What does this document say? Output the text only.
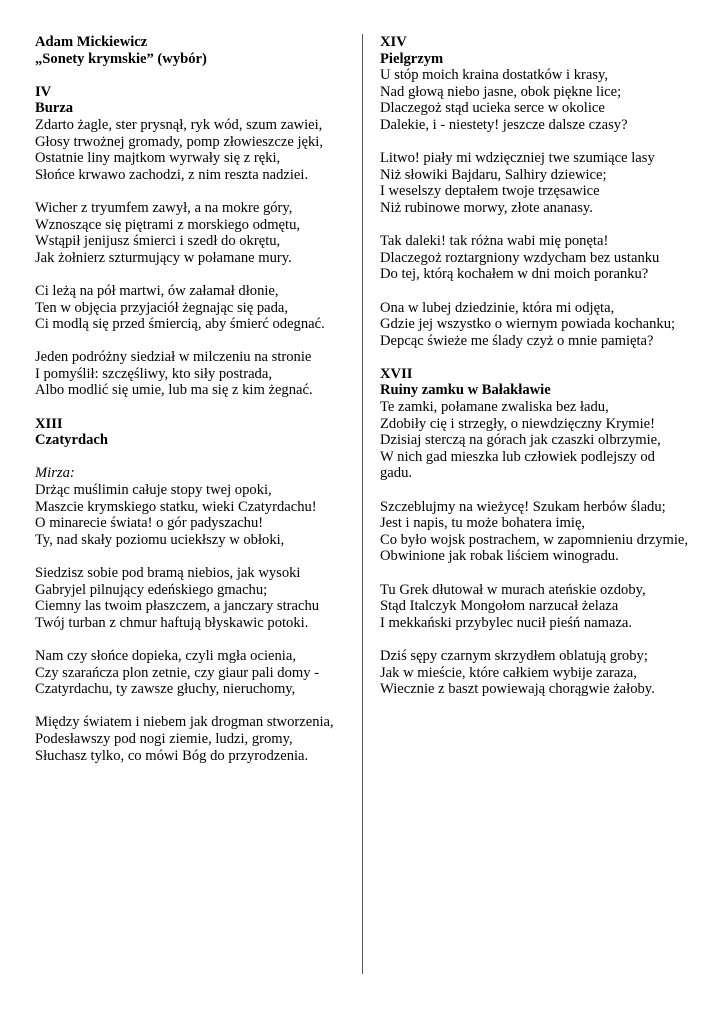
Adam Mickiewicz
„Sonety krymskie” (wybór)
IV
Burza
Zdarto żagle, ster prysnął, ryk wód, szum zawiei,
Głosy trwożnej gromady, pomp złowieszcze jęki,
Ostatnie liny majtkom wyrwały się z ręki,
Słońce krwawo zachodzi, z nim reszta nadziei.
Wicher z tryumfem zawył, a na mokre góry,
Wznoszące się piętrami z morskiego odmętu,
Wstąpił jenijusz śmierci i szedł do okrętu,
Jak żołnierz szturmujący w połamane mury.
Ci leżą na pół martwi, ów załamał dłonie,
Ten w objęcia przyjaciół żegnając się pada,
Ci modlą się przed śmiercią, aby śmierć odegnać.
Jeden podróżny siedział w milczeniu na stronie
I pomyślił: szczęśliwy, kto siły postrada,
Albo modlić się umie, lub ma się z kim żegnać.
XIII
Czatyrdach
Mirza:
Drżąc muślimin całuje stopy twej opoki,
Maszcie krymskiego statku, wieki Czatyrdachu!
O minarecie świata! o gór padyszachu!
Ty, nad skały poziomu uciekłszy w obłoki,
Siedzisz sobie pod bramą niebios, jak wysoki
Gabryjel pilnujący edeńskiego gmachu;
Ciemny las twoim płaszczem, a janczary strachu
Twój turban z chmur haftują błyskawic potoki.
Nam czy słońce dopieka, czyli mgła ocienia,
Czy szarańcza plon zetnie, czy giaur pali domy -
Czatyrdachu, ty zawsze głuchy, nieruchomy,
Między światem i niebem jak drogman stworzenia,
Podesławszy pod nogi ziemie, ludzi, gromy,
Słuchasz tylko, co mówi Bóg do przyrodzenia.
XIV
Pielgrzym
U stóp moich kraina dostatków i krasy,
Nad głową niebo jasne, obok piękne lice;
Dlaczegoż stąd ucieka serce w okolice
Dalekie, i - niestety! jeszcze dalsze czasy?
Litwo! piały mi wdzięczniej twe szumiące lasy
Niż słowiki Bajdaru, Salhiry dziewice;
I weselszy deptałem twoje trzęsawice
Niż rubinowe morwy, złote ananasy.
Tak daleki! tak różna wabi mię ponęta!
Dlaczegoż roztargniony wzdycham bez ustanku
Do tej, którą kochałem w dni moich poranku?
Ona w lubej dziedzinie, która mi odjęta,
Gdzie jej wszystko o wiernym powiada kochanku;
Depcąc świeże me ślady czyż o mnie pamięta?
XVII
Ruiny zamku w Bałakławie
Te zamki, połamane zwaliska bez ładu,
Zdobiły cię i strzegły, o niewdzięczny Krymie!
Dzisiaj sterczą na górach jak czaszki olbrzymie,
W nich gad mieszka lub człowiek podlejszy od
gadu.
Szczeblujmy na wieżycę! Szukam herbów śladu;
Jest i napis, tu może bohatera imię,
Co było wojsk postrachem, w zapomnieniu drzymie,
Obwinione jak robak liściem winogradu.
Tu Grek dłutował w murach ateńskie ozdoby,
Stąd Italczyk Mongołom narzucał żelaza
I mekkański przybylec nucił pieśń namaza.
Dziś sępy czarnym skrzydłem oblatują groby;
Jak w mieście, które całkiem wybije zaraza,
Wiecznie z baszt powiewają chorągwie żałoby.
